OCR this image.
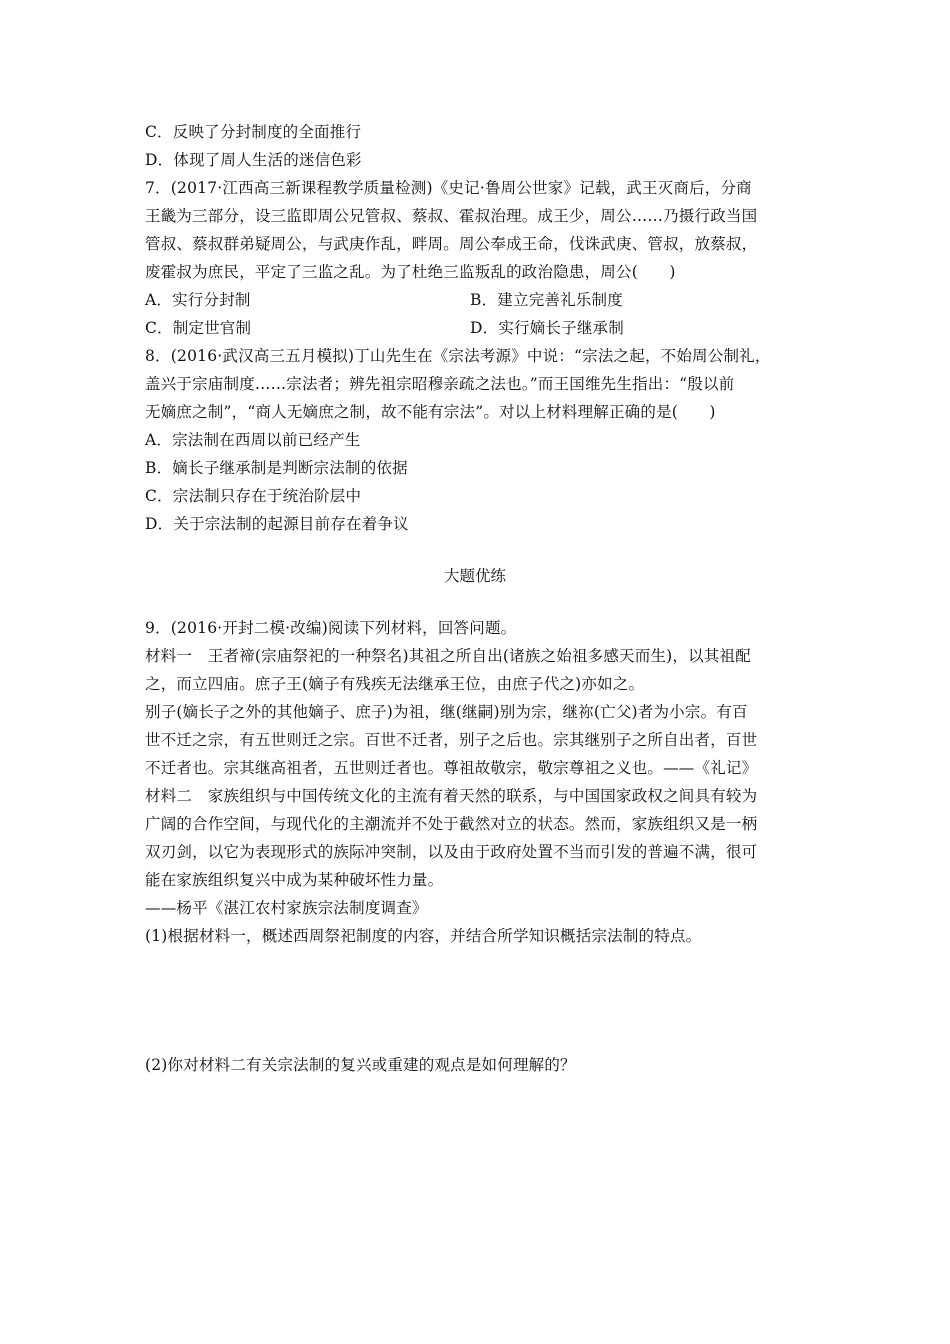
C．反映了分封制度的全面推行
D．体现了周人生活的迷信色彩
7．(2017·江西高三新课程教学质量检测)《史记·鲁周公世家》记载，武王灭商后，分商
王畿为三部分，设三监即周公兄管叔、蔡叔、霍叔治理。成王少，周公……乃摄行政当国
管叔、蔡叔群弟疑周公，与武庚作乱，畔周。周公奉成王命，伐诛武庚、管叔，放蔡叔，
废霍叔为庶民，平定了三监之乱。为了杜绝三监叛乱的政治隐患，周公(　　)
A．实行分封制	B．建立完善礼乐制度
C．制定世官制	D．实行嫡长子继承制
8．(2016·武汉高三五月模拟)丁山先生在《宗法考源》中说：“宗法之起，不始周公制礼，
盖兴于宗庙制度……宗法者；辨先祖宗昭穆亲疏之法也。”而王国维先生指出：“殷以前
无嫡庶之制”，“商人无嫡庶之制，故不能有宗法”。对以上材料理解正确的是(　　)
A．宗法制在西周以前已经产生
B．嫡长子继承制是判断宗法制的依据
C．宗法制只存在于统治阶层中
D．关于宗法制的起源目前存在着争议
大题优练
9．(2016·开封二模·改编)阅读下列材料，回答问题。
材料一　王者禘(宗庙祭祀的一种祭名)其祖之所自出(诸族之始祖多感天而生)，以其祖配
之，而立四庙。庶子王(嫡子有残疾无法继承王位，由庶子代之)亦如之。
别子(嫡长子之外的其他嫡子、庶子)为祖，继(继嗣)别为宗，继祢(亡父)者为小宗。有百
世不迁之宗，有五世则迁之宗。百世不迁者，别子之后也。宗其继别子之所自出者，百世
不迁者也。宗其继高祖者，五世则迁者也。尊祖故敬宗，敬宗尊祖之义也。——《礼记》
材料二　家族组织与中国传统文化的主流有着天然的联系，与中国国家政权之间具有较为
广阔的合作空间，与现代化的主潮流并不处于截然对立的状态。然而，家族组织又是一柄
双刃剑，以它为表现形式的族际冲突制，以及由于政府处置不当而引发的普遍不满，很可
能在家族组织复兴中成为某种破坏性力量。
——杨平《湛江农村家族宗法制度调查》
(1)根据材料一，概述西周祭祀制度的内容，并结合所学知识概括宗法制的特点。
(2)你对材料二有关宗法制的复兴或重建的观点是如何理解的？
